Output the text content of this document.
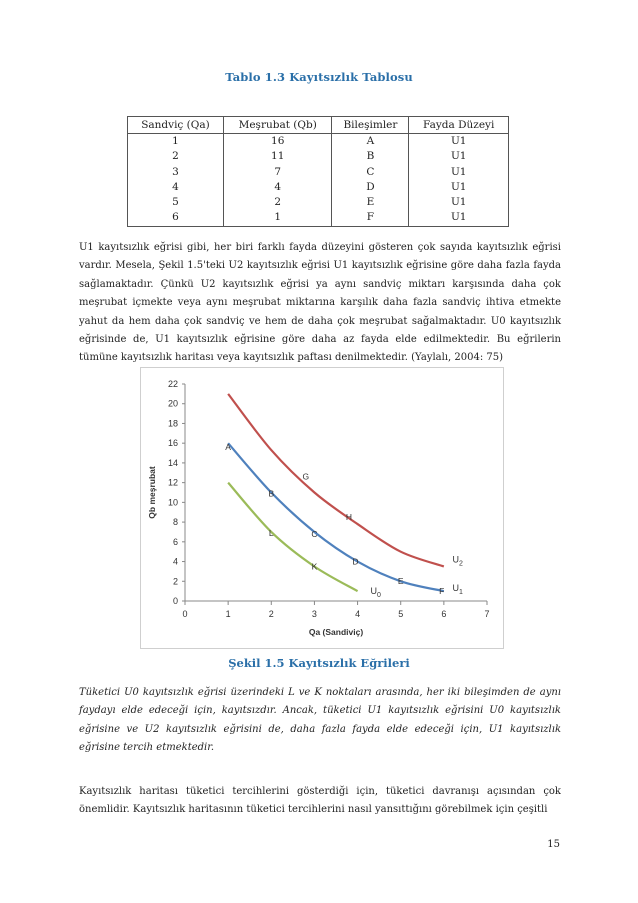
Tablo 1.3 Kayıtsızlık Tablosu
Sandviç (Qa)	Meşrubat (Qb)	Bileşimler	Fayda Düzeyi
1	16	A	U1
2	11	B	U1
3	7	C	U1
4	4	D	U1
5	2	E	U1
6	1	F	U1

U1 kayıtsızlık eğrisi gibi, her biri farklı fayda düzeyini gösteren çok sayıda kayıtsızlık eğrisi vardır. Mesela, Şekil 1.5'teki U2 kayıtsızlık eğrisi U1 kayıtsızlık eğrisine göre daha fazla fayda sağlamaktadır. Çünkü U2 kayıtsızlık eğrisi ya aynı sandviç miktarı karşısında daha çok meşrubat içmekte veya aynı meşrubat miktarına karşılık daha fazla sandviç ihtiva etmekte yahut da hem daha çok sandviç ve hem de daha çok meşrubat sağalmaktadır. U0 kayıtsızlık eğrisinde de, U1 kayıtsızlık eğrisine göre daha az fayda elde edilmektedir. Bu eğrilerin tümüne kayıtsızlık haritası veya kayıtsızlık paftası denilmektedir. (Yaylalı, 2004: 75)

0
2
4
6
8
10
12
14
16
18
20
22
0	1	2	3	4	5	6	7
Qa (Sandiviç)
Qb meşrubat
A
B
G
H
L	C
K	D
E
F
$U_2$
$U_1$
$U_0$
Şekil 1.5 Kayıtsızlık Eğrileri

Tüketici U0 kayıtsızlık eğrisi üzerindeki L ve K noktaları arasında, her iki bileşimden de aynı faydayı elde edeceği için, kayıtsızdır. Ancak, tüketici U1 kayıtsızlık eğrisini U0 kayıtsızlık eğrisine ve U2 kayıtsızlık eğrisini de, daha fazla fayda elde edeceği için, U1 kayıtsızlık eğrisine tercih etmektedir.

Kayıtsızlık haritası tüketici tercihlerini gösterdiği için, tüketici davranışı açısından çok önemlidir. Kayıtsızlık haritasının tüketici tercihlerini nasıl yansıttığını görebilmek için çeşitli

15
